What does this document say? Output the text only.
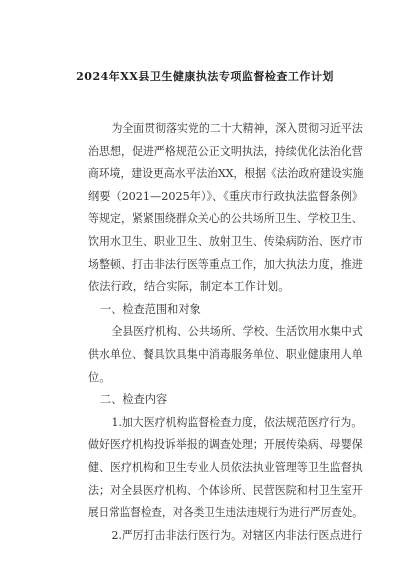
2024年XX县卫生健康执法专项监督检查工作计划
为全面贯彻落实党的二十大精神，深入贯彻习近平法
治思想，促进严格规范公正文明执法，持续优化法治化营
商环境，建设更高水平法治XX，根据《法治政府建设实施
纲要（2021—2025年）》、《重庆市行政执法监督条例》
等规定，紧紧围绕群众关心的公共场所卫生、学校卫生、
饮用水卫生、职业卫生、放射卫生、传染病防治、医疗市
场整顿、打击非法行医等重点工作，加大执法力度，推进
依法行政，结合实际，制定本工作计划。
一、检查范围和对象
全县医疗机构、公共场所、学校、生活饮用水集中式
供水单位、餐具饮具集中消毒服务单位、职业健康用人单
位。
二、检查内容
1.加大医疗机构监督检查力度，依法规范医疗行为。
做好医疗机构投诉举报的调查处理；开展传染病、母婴保
健、医疗机构和卫生专业人员依法执业管理等卫生监督执
法；对全县医疗机构、个体诊所、民营医院和村卫生室开
展日常监督检查，对各类卫生违法违规行为进行严厉查处。
2.严厉打击非法行医行为。对辖区内非法行医点进行
